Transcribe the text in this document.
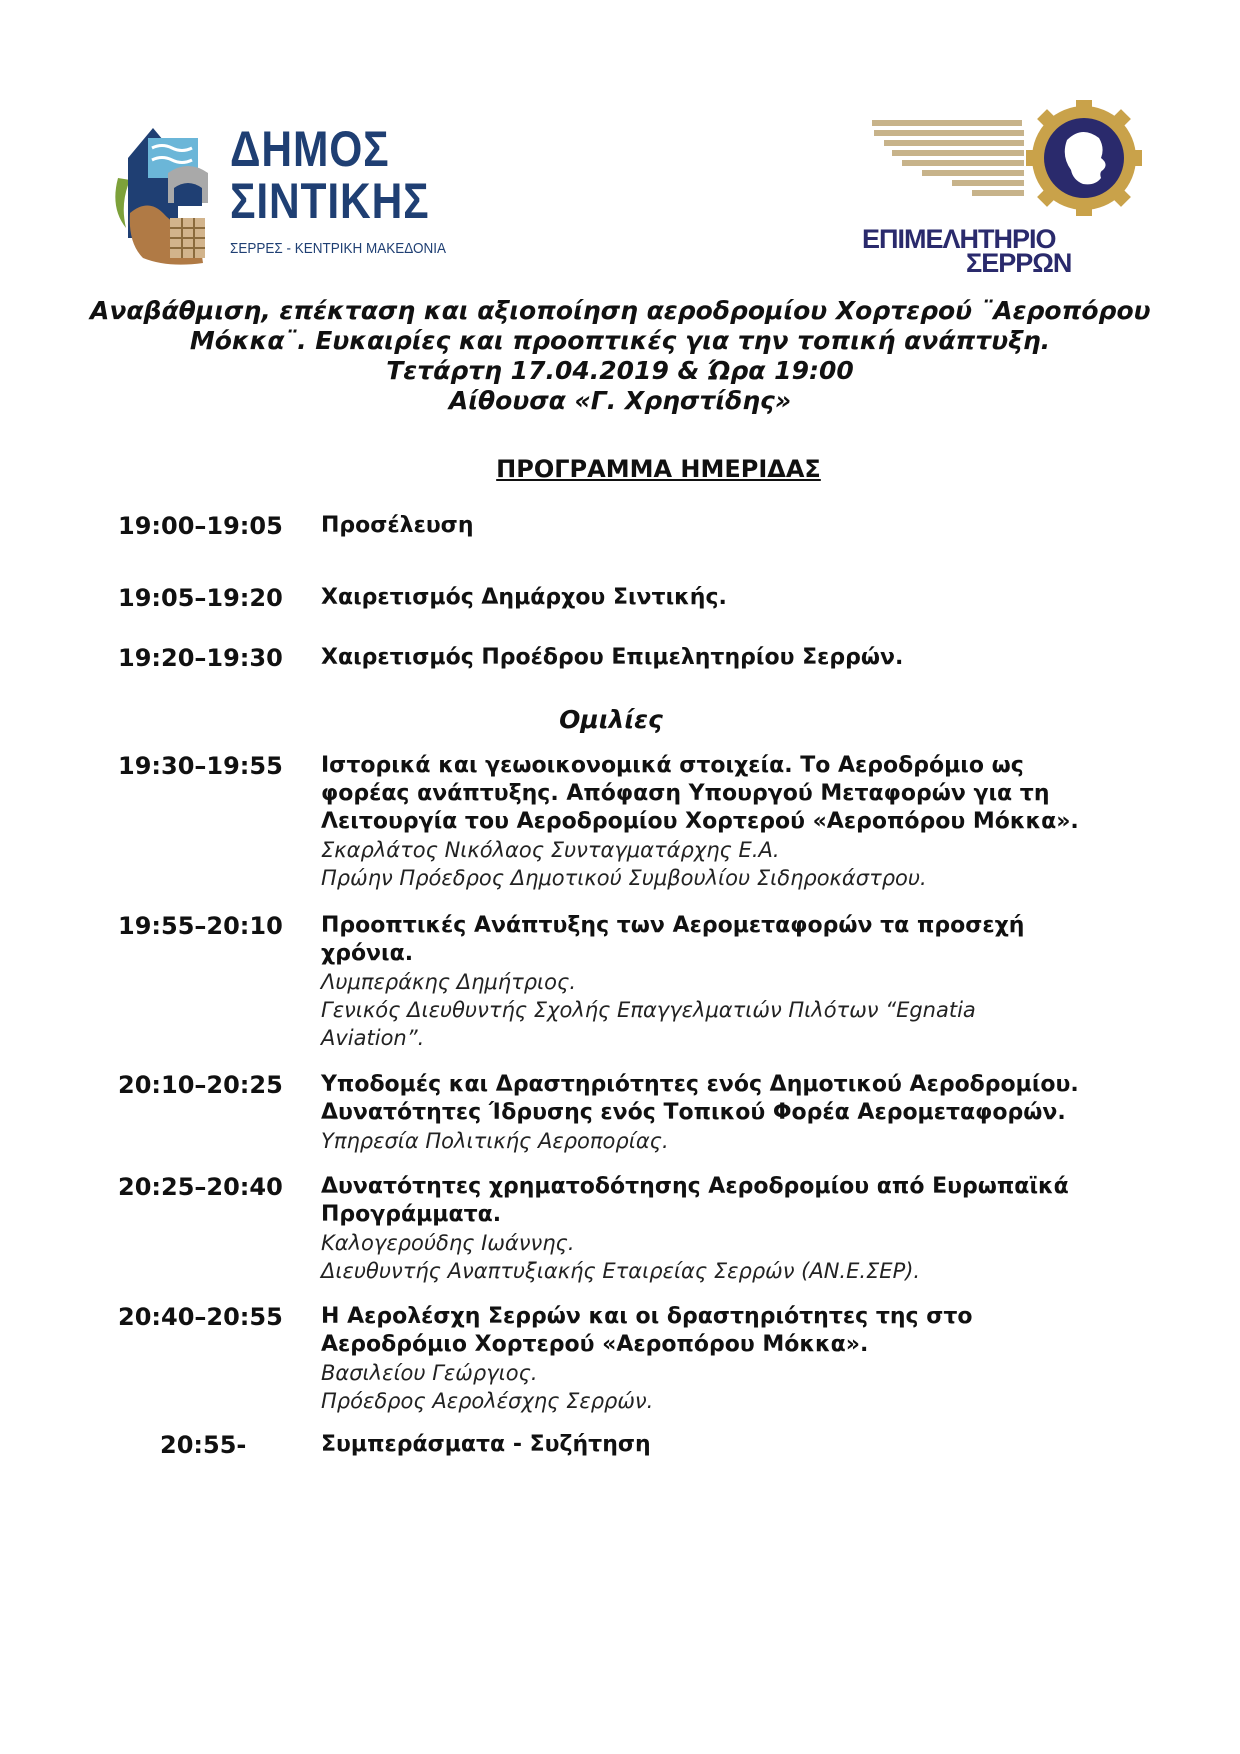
ΔΗΜΟΣ
ΣΙΝΤΙΚΗΣ
ΣΕΡΡΕΣ - ΚΕΝΤΡΙΚΗ ΜΑΚΕΔΟΝΙΑ	ΕΠΙΜΕΛΗΤΗΡΙΟ
ΣΕΡΡΩΝ
Αναβάθμιση, επέκταση και αξιοποίηση αεροδρομίου Χορτερού ¨Αεροπόρου
Μόκκα¨. Ευκαιρίες και προοπτικές για την τοπική ανάπτυξη.
Τετάρτη 17.04.2019 & Ώρα 19:00
Αίθουσα «Γ. Χρηστίδης»
ΠΡΟΓΡΑΜΜΑ ΗΜΕΡΙΔΑΣ
Ομιλίες
19:00–19:05	Προσέλευση
19:05–19:20	Χαιρετισμός Δημάρχου Σιντικής.
19:20–19:30	Χαιρετισμός Προέδρου Επιμελητηρίου Σερρών.
19:30–19:55	Ιστορικά και γεωοικονομικά στοιχεία. Το Αεροδρόμιο ως
φορέας ανάπτυξης. Απόφαση Υπουργού Μεταφορών για τη
Λειτουργία του Αεροδρομίου Χορτερού «Αεροπόρου Μόκκα».
Σκαρλάτος Νικόλαος Συνταγματάρχης Ε.Α.
Πρώην Πρόεδρος Δημοτικού Συμβουλίου Σιδηροκάστρου.
19:55–20:10	Προοπτικές Ανάπτυξης των Αερομεταφορών τα προσεχή
χρόνια.
Λυμπεράκης Δημήτριος.
Γενικός Διευθυντής Σχολής Επαγγελματιών Πιλότων “Egnatia
Aviation”.
20:10–20:25	Υποδομές και Δραστηριότητες ενός Δημοτικού Αεροδρομίου.
Δυνατότητες Ίδρυσης ενός Τοπικού Φορέα Αερομεταφορών.
Υπηρεσία Πολιτικής Αεροπορίας.
20:25–20:40	Δυνατότητες χρηματοδότησης Αεροδρομίου από Ευρωπαϊκά
Προγράμματα.
Καλογερούδης Ιωάννης.
Διευθυντής Αναπτυξιακής Εταιρείας Σερρών (ΑΝ.Ε.ΣΕΡ).
20:40–20:55	Η Αερολέσχη Σερρών και οι δραστηριότητες της στο
Αεροδρόμιο Χορτερού «Αεροπόρου Μόκκα».
Βασιλείου Γεώργιος.
Πρόεδρος Αερολέσχης Σερρών.
20:55-	Συμπεράσματα - Συζήτηση
